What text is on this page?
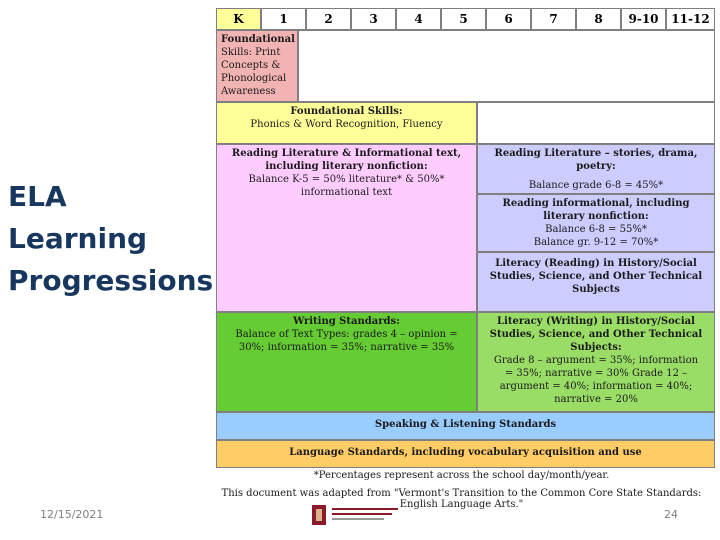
ELA
Learning
Progressions
K	1	2	3	4	5	6	7	8	9-10	11-12
Foundational
Skills: Print Concepts & Phonological Awareness
Foundational Skills:
Phonics & Word Recognition, Fluency
Reading Literature & Informational text, including literary nonfiction:
Balance K-5 = 50% literature* & 50%* informational text
Reading Literature – stories, drama, poetry:
Balance grade 6-8 = 45%*
Reading informational, including literary nonfiction:
Balance 6-8 = 55%* Balance gr. 9-12 = 70%*
Literacy (Reading) in History/Social Studies, Science, and Other Technical Subjects
Writing Standards:
Balance of Text Types: grades 4 – opinion = 30%; information = 35%; narrative = 35%
Literacy (Writing) in History/Social Studies, Science, and Other Technical Subjects:
Grade 8 – argument = 35%; information = 35%; narrative = 30% Grade 12 – argument = 40%; information = 40%; narrative = 20%
Speaking & Listening Standards
Language Standards, including vocabulary acquisition and use
*Percentages represent across the school day/month/year.
This document was adapted from "Vermont's Transition to the Common Core State Standards: English Language Arts."
12/15/2021	24
